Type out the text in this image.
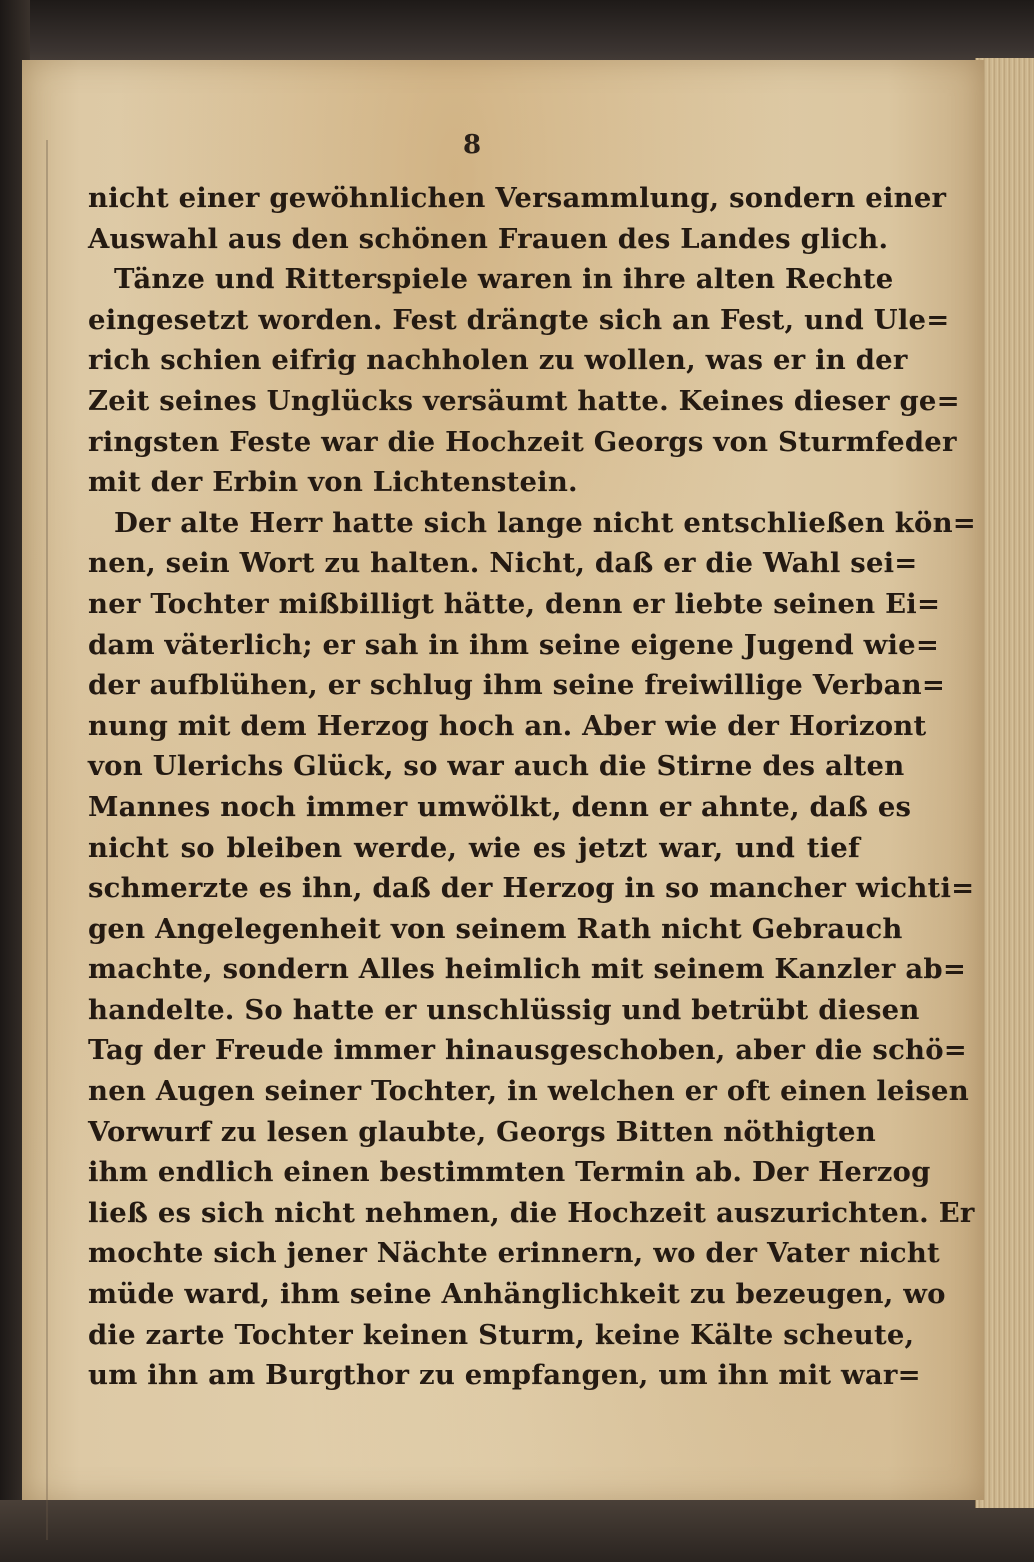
8
nicht einer gewöhnlichen Versammlung, sondern einer
Auswahl aus den schönen Frauen des Landes glich.
Tänze und Ritterspiele waren in ihre alten Rechte
eingesetzt worden. Fest drängte sich an Fest, und Ule=
rich schien eifrig nachholen zu wollen, was er in der
Zeit seines Unglücks versäumt hatte. Keines dieser ge=
ringsten Feste war die Hochzeit Georgs von Sturmfeder
mit der Erbin von Lichtenstein.
Der alte Herr hatte sich lange nicht entschließen kön=
nen, sein Wort zu halten. Nicht, daß er die Wahl sei=
ner Tochter mißbilligt hätte, denn er liebte seinen Ei=
dam väterlich; er sah in ihm seine eigene Jugend wie=
der aufblühen, er schlug ihm seine freiwillige Verban=
nung mit dem Herzog hoch an. Aber wie der Horizont
von Ulerichs Glück, so war auch die Stirne des alten
Mannes noch immer umwölkt, denn er ahnte, daß es
nicht so bleiben werde, wie es jetzt war, und tief
schmerzte es ihn, daß der Herzog in so mancher wichti=
gen Angelegenheit von seinem Rath nicht Gebrauch
machte, sondern Alles heimlich mit seinem Kanzler ab=
handelte. So hatte er unschlüssig und betrübt diesen
Tag der Freude immer hinausgeschoben, aber die schö=
nen Augen seiner Tochter, in welchen er oft einen leisen
Vorwurf zu lesen glaubte, Georgs Bitten nöthigten
ihm endlich einen bestimmten Termin ab. Der Herzog
ließ es sich nicht nehmen, die Hochzeit auszurichten. Er
mochte sich jener Nächte erinnern, wo der Vater nicht
müde ward, ihm seine Anhänglichkeit zu bezeugen, wo
die zarte Tochter keinen Sturm, keine Kälte scheute,
um ihn am Burgthor zu empfangen, um ihn mit war=
